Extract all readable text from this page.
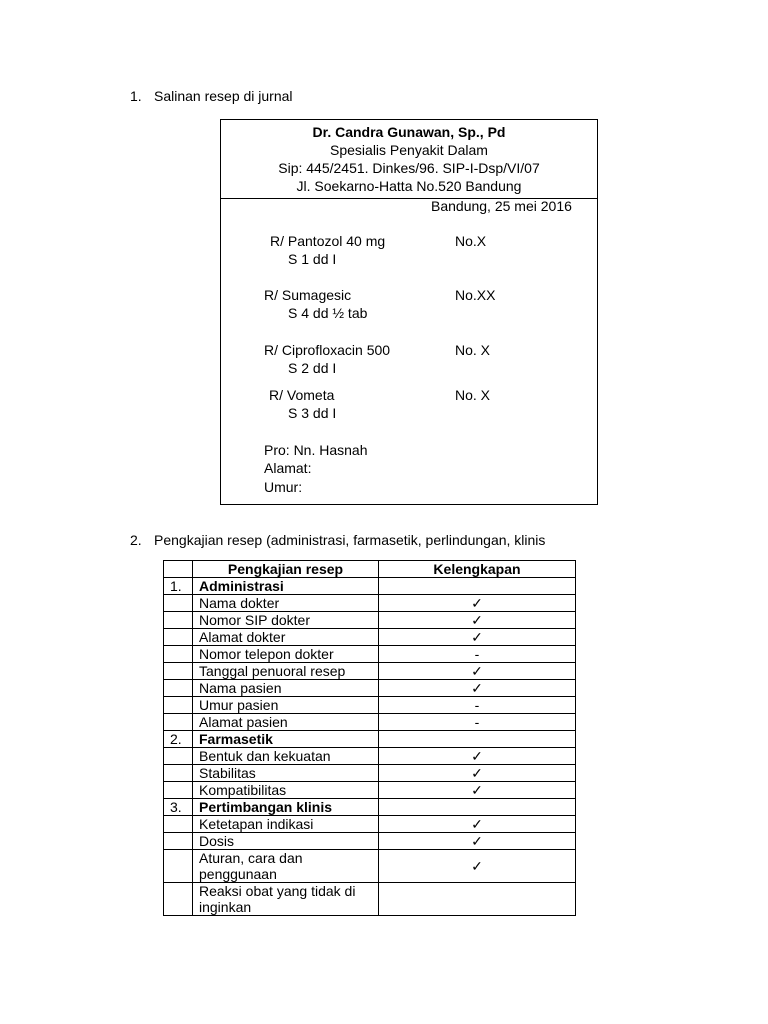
1. Salinan resep di jurnal
Dr. Candra Gunawan, Sp., Pd
Spesialis Penyakit Dalam
Sip: 445/2451. Dinkes/96. SIP-I-Dsp/VI/07
Jl. Soekarno-Hatta No.520 Bandung
Bandung, 25 mei 2016
R/ Pantozol 40 mg	No.X
S 1 dd I
R/ Sumagesic	No.XX
S 4 dd ½ tab
R/ Ciprofloxacin 500	No. X
S 2 dd I
R/ Vometa	No. X
S 3 dd I
Pro: Nn. Hasnah
Alamat:
Umur:
2. Pengkajian resep (administrasi, farmasetik, perlindungan, klinis
	Pengkajian resep	Kelengkapan
1.	Administrasi	
	Nama dokter	✓
	Nomor SIP dokter	✓
	Alamat dokter	✓
	Nomor telepon dokter	-
	Tanggal penuoral resep	✓
	Nama pasien	✓
	Umur pasien	-
	Alamat pasien	-
2.	Farmasetik	
	Bentuk dan kekuatan	✓
	Stabilitas	✓
	Kompatibilitas	✓
3.	Pertimbangan klinis	
	Ketetapan indikasi	✓
	Dosis	✓
	Aturan, cara dan penggunaan	✓
	Reaksi obat yang tidak di inginkan	
